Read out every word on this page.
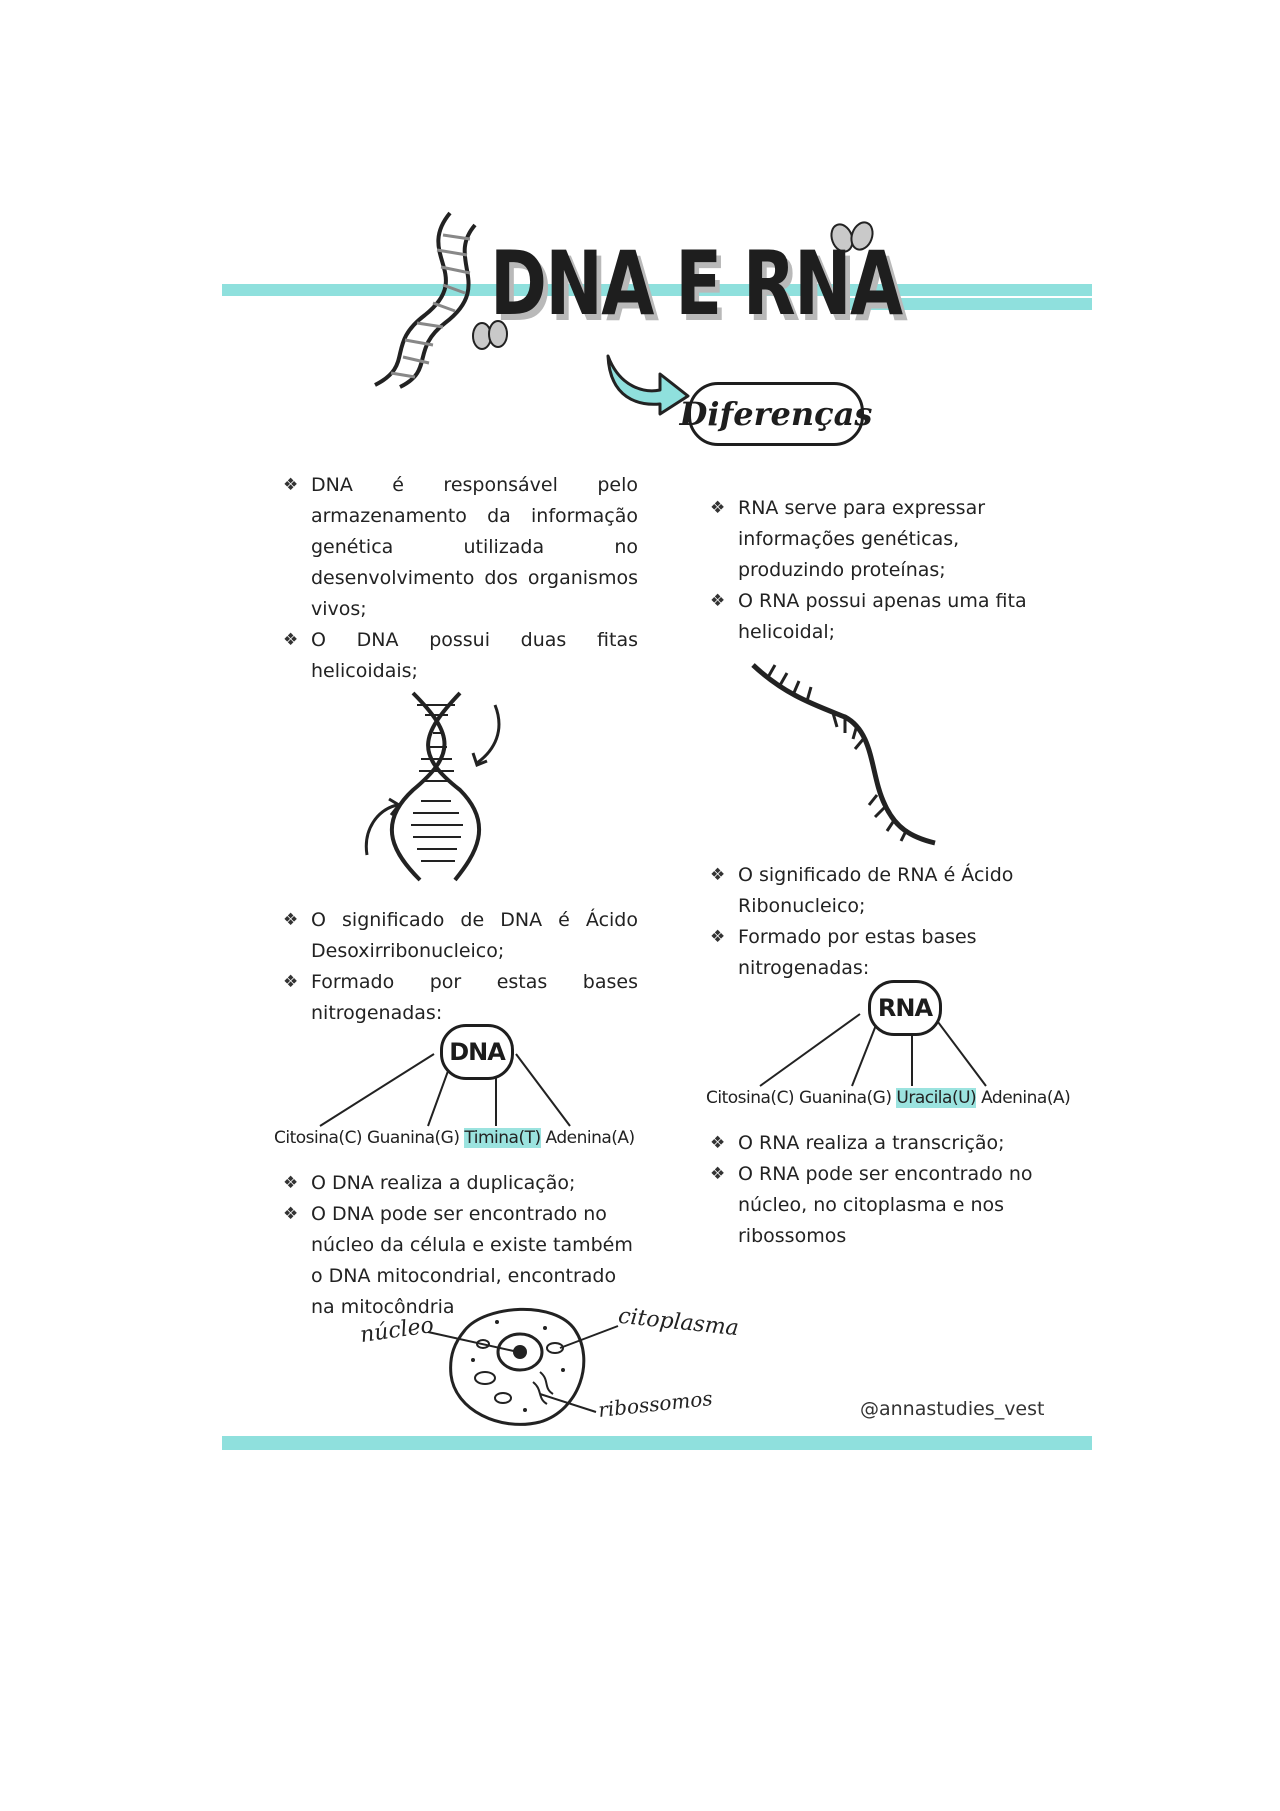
DNA E RNA
Diferenças

❖ DNA é responsável pelo armazenamento da informação genética utilizada no desenvolvimento dos organismos vivos;

❖ O DNA possui duas fitas helicoidais;

❖ O significado de DNA é Ácido Desoxirribonucleico;

❖ Formado por estas bases nitrogenadas:

DNA
Citosina(C) Guanina(G) Timina(T) Adenina(A)

❖ O DNA realiza a duplicação;

❖ O DNA pode ser encontrado no núcleo da célula e existe também o DNA mitocondrial, encontrado na mitocôndria

núcleo	citoplasma
ribossomos

❖ RNA serve para expressar informações genéticas, produzindo proteínas;

❖ O RNA possui apenas uma fita helicoidal;

❖ O significado de RNA é Ácido Ribonucleico;

❖ Formado por estas bases nitrogenadas:

RNA
Citosina(C) Guanina(G) Uracila(U) Adenina(A)

❖ O RNA realiza a transcrição;

❖ O RNA pode ser encontrado no núcleo, no citoplasma e nos ribossomos

@annastudies_vest
